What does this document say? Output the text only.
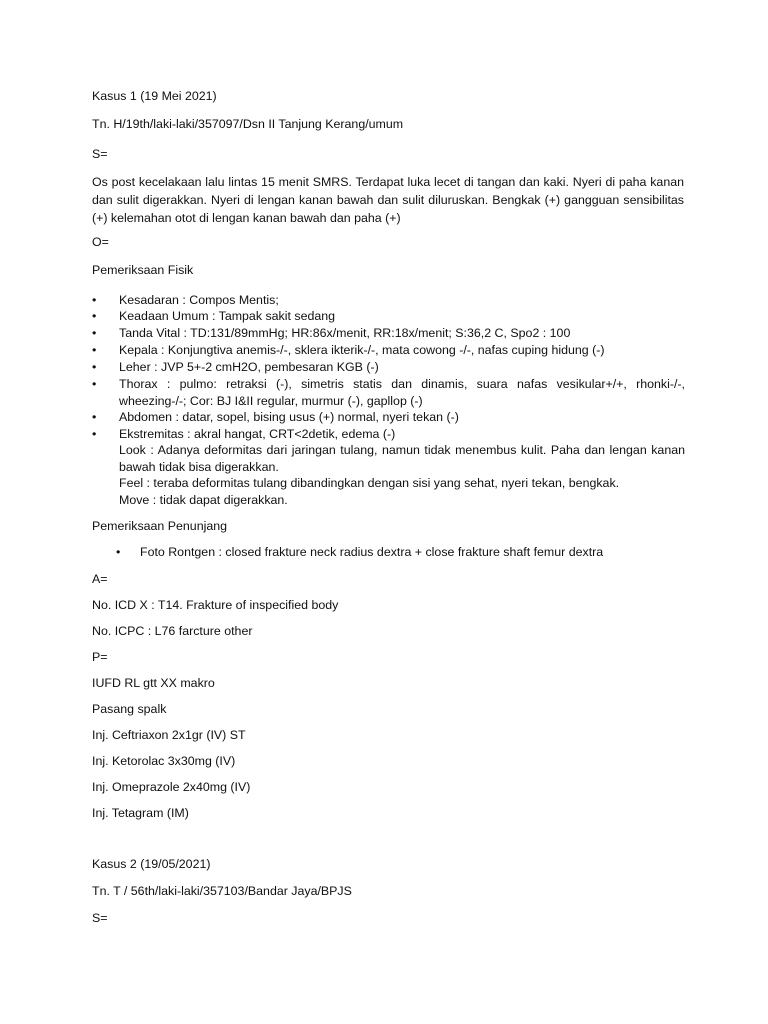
Kasus 1 (19 Mei 2021)
Tn. H/19th/laki-laki/357097/Dsn II Tanjung Kerang/umum
S=
Os post kecelakaan lalu lintas 15 menit SMRS. Terdapat luka lecet di tangan dan kaki. Nyeri di paha kanan dan sulit digerakkan. Nyeri di lengan kanan bawah dan sulit diluruskan. Bengkak (+) gangguan sensibilitas (+) kelemahan otot di lengan kanan bawah dan paha (+)
O=
Pemeriksaan Fisik
• Kesadaran : Compos Mentis;
• Keadaan Umum : Tampak sakit sedang
• Tanda Vital : TD:131/89mmHg; HR:86x/menit, RR:18x/menit; S:36,2 C, Spo2 : 100
• Kepala : Konjungtiva anemis-/-, sklera ikterik-/-, mata cowong -/-, nafas cuping hidung (-)
• Leher : JVP 5+-2 cmH2O, pembesaran KGB (-)
• Thorax : pulmo: retraksi (-), simetris statis dan dinamis, suara nafas vesikular+/+, rhonki-/-, wheezing-/-; Cor: BJ I&II regular, murmur (-), gapllop (-)
• Abdomen : datar, sopel, bising usus (+) normal, nyeri tekan (-)
• Ekstremitas : akral hangat, CRT<2detik, edema (-)
Look : Adanya deformitas dari jaringan tulang, namun tidak menembus kulit. Paha dan lengan kanan bawah tidak bisa digerakkan.
Feel : teraba deformitas tulang dibandingkan dengan sisi yang sehat, nyeri tekan, bengkak.
Move : tidak dapat digerakkan.
Pemeriksaan Penunjang
• Foto Rontgen : closed frakture neck radius dextra + close frakture shaft femur dextra
A=
No. ICD X : T14. Frakture of inspecified body
No. ICPC : L76 farcture other
P=
IUFD RL gtt XX makro
Pasang spalk
Inj. Ceftriaxon 2x1gr (IV) ST
Inj. Ketorolac 3x30mg (IV)
Inj. Omeprazole 2x40mg (IV)
Inj. Tetagram (IM)
Kasus 2 (19/05/2021)
Tn. T / 56th/laki-laki/357103/Bandar Jaya/BPJS
S=
